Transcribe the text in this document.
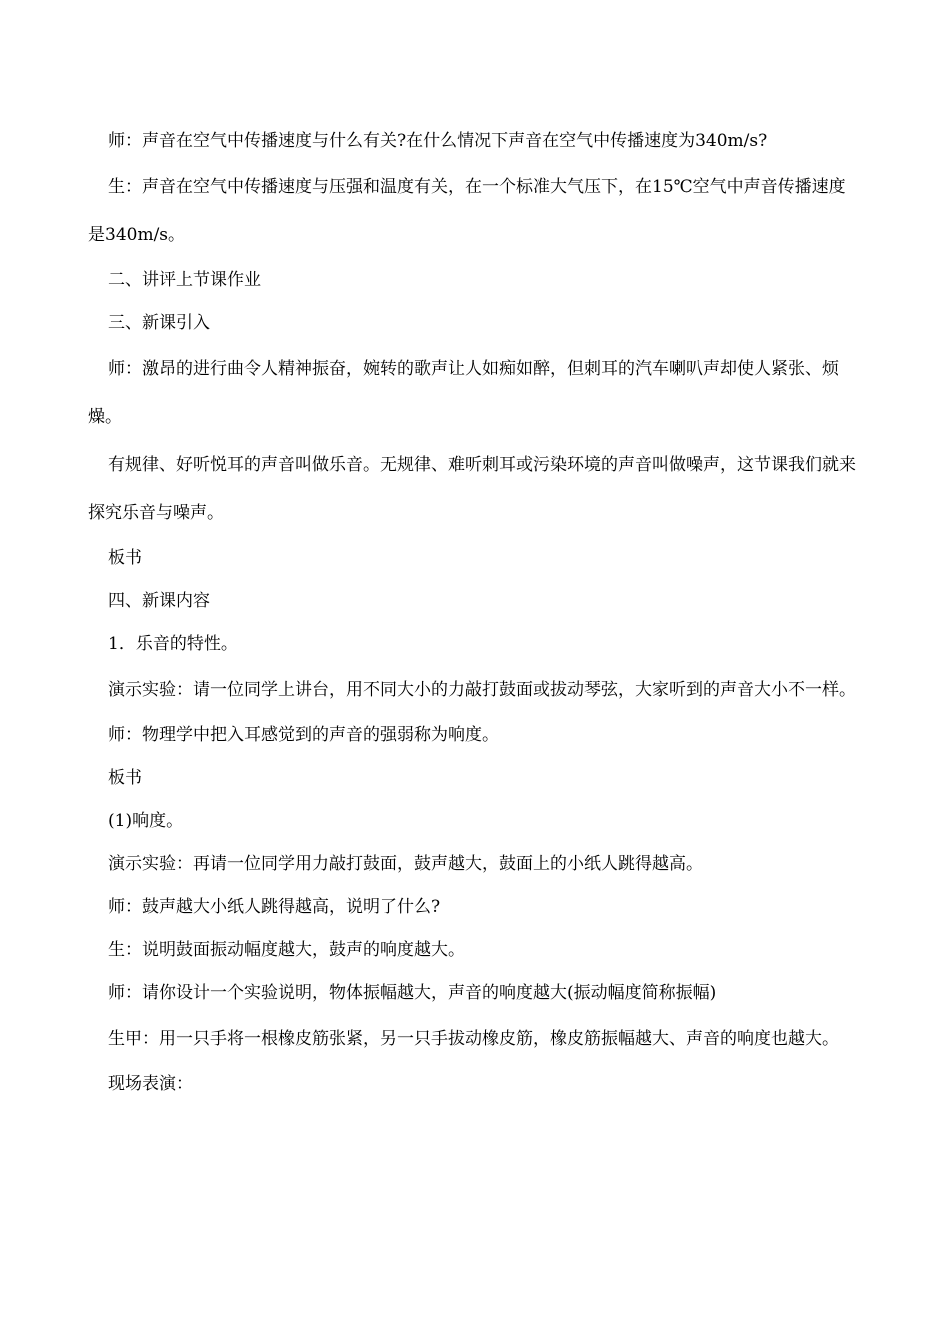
师：声音在空气中传播速度与什么有关?在什么情况下声音在空气中传播速度为340m/s?

生：声音在空气中传播速度与压强和温度有关，在一个标准大气压下，在15℃空气中声音传播速度是340m/s。

二、讲评上节课作业

三、新课引入

师：激昂的进行曲令人精神振奋，婉转的歌声让人如痴如醉，但刺耳的汽车喇叭声却使人紧张、烦燥。

有规律、好听悦耳的声音叫做乐音。无规律、难听刺耳或污染环境的声音叫做噪声，这节课我们就来探究乐音与噪声。

板书

四、新课内容

1．乐音的特性。

演示实验：请一位同学上讲台，用不同大小的力敲打鼓面或拔动琴弦，大家听到的声音大小不一样。

师：物理学中把入耳感觉到的声音的强弱称为响度。

板书

(1)响度。

演示实验：再请一位同学用力敲打鼓面，鼓声越大，鼓面上的小纸人跳得越高。

师：鼓声越大小纸人跳得越高，说明了什么?

生：说明鼓面振动幅度越大，鼓声的响度越大。

师：请你设计一个实验说明，物体振幅越大，声音的响度越大(振动幅度简称振幅)

生甲：用一只手将一根橡皮筋张紧，另一只手拔动橡皮筋，橡皮筋振幅越大、声音的响度也越大。

现场表演：
